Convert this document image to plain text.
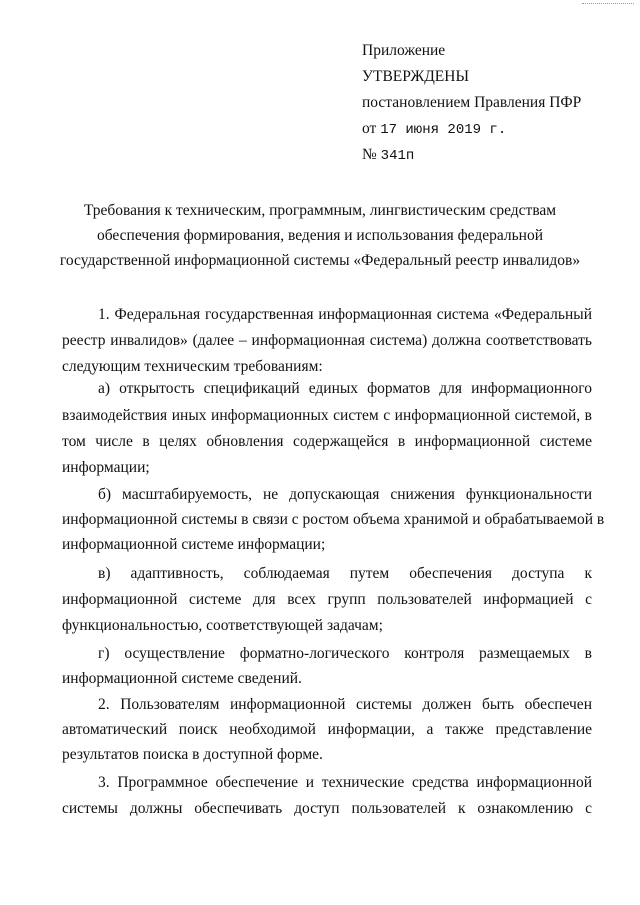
Приложение
УТВЕРЖДЕНЫ
постановлением Правления ПФР
от 17 июня 2019 г.
№ 341п
Требования к техническим, программным, лингвистическим средствам
обеспечения формирования, ведения и использования федеральной
государственной информационной системы «Федеральный реестр инвалидов»
1. Федеральная государственная информационная система «Федеральный
реестр инвалидов» (далее – информационная система) должна соответствовать
следующим техническим требованиям:
а) открытость спецификаций единых форматов для информационного
взаимодействия иных информационных систем с информационной системой, в
том числе в целях обновления содержащейся в информационной системе
информации;
б) масштабируемость, не допускающая снижения функциональности
информационной системы в связи с ростом объема хранимой и обрабатываемой в
информационной системе информации;
в) адаптивность, соблюдаемая путем обеспечения доступа к
информационной системе для всех групп пользователей информацией с
функциональностью, соответствующей задачам;
г) осуществление форматно-логического контроля размещаемых в
информационной системе сведений.
2. Пользователям информационной системы должен быть обеспечен
автоматический поиск необходимой информации, а также представление
результатов поиска в доступной форме.
3. Программное обеспечение и технические средства информационной
системы должны обеспечивать доступ пользователей к ознакомлению с
